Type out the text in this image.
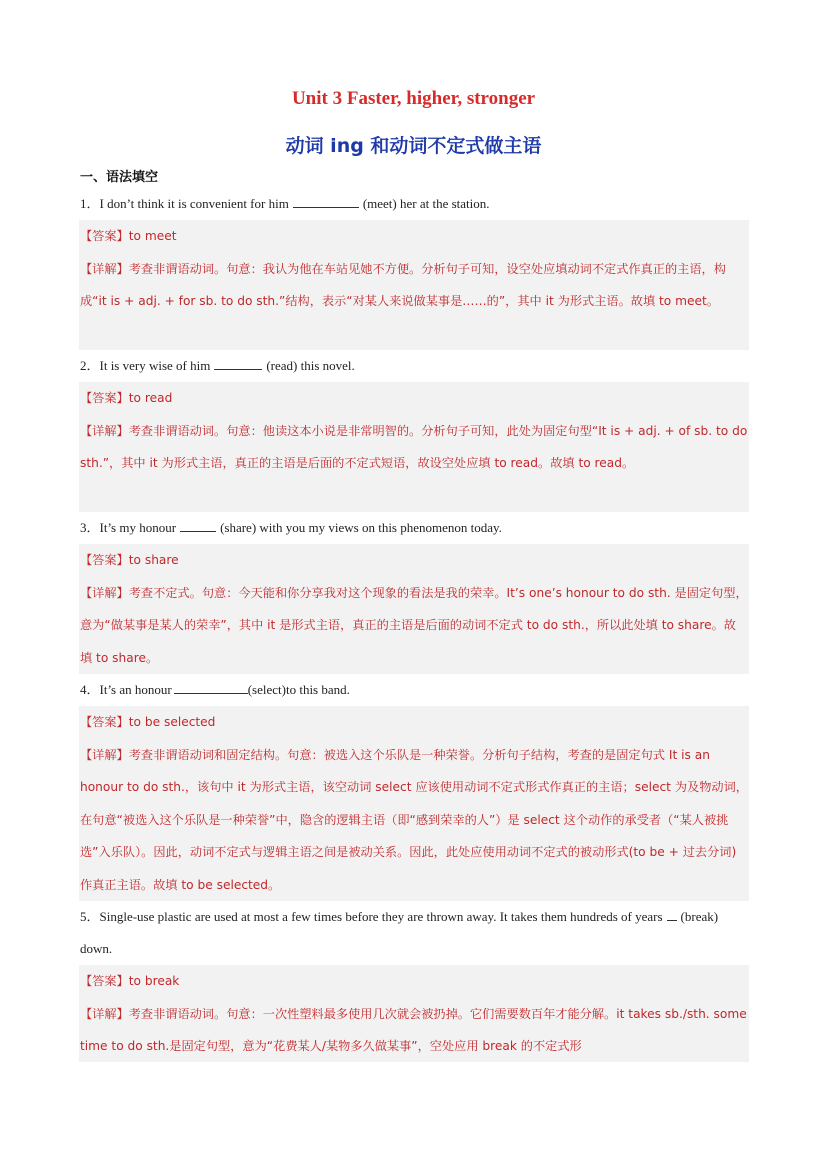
Unit 3 Faster, higher, stronger
动词 ing 和动词不定式做主语
一、语法填空
1．I don’t think it is convenient for him	(meet) her at the station.

【答案】to meet

【详解】考查非谓语动词。句意：我认为他在车站见她不方便。分析句子可知，设空处应填动词不定式作真正的主语，构成“it is + adj. + for sb. to do sth.”结构，表示“对某人来说做某事是……的”，其中 it 为形式主语。故填 to meet。

2．It is very wise of him	(read) this novel.

【答案】to read

【详解】考查非谓语动词。句意：他读这本小说是非常明智的。分析句子可知，此处为固定句型“It is + adj. + of sb. to do sth.”，其中 it 为形式主语，真正的主语是后面的不定式短语，故设空处应填 to read。故填 to read。

3．It’s my honour	(share) with you my views on this phenomenon today.

【答案】to share

【详解】考查不定式。句意：今天能和你分享我对这个现象的看法是我的荣幸。It’s one’s honour to do sth. 是固定句型，意为“做某事是某人的荣幸”，其中 it 是形式主语，真正的主语是后面的动词不定式 to do sth.，所以此处填 to share。故填 to share。

4．It’s an honour	(select)to this band.

【答案】to be selected

【详解】考查非谓语动词和固定结构。句意：被选入这个乐队是一种荣誉。分析句子结构，考查的是固定句式 It is an honour to do sth.，该句中 it 为形式主语，该空动词 select 应该使用动词不定式形式作真正的主语；select 为及物动词，在句意“被选入这个乐队是一种荣誉”中，隐含的逻辑主语（即“感到荣幸的人”）是 select 这个动作的承受者（“某人被挑选”入乐队）。因此，动词不定式与逻辑主语之间是被动关系。因此，此处应使用动词不定式的被动形式(to be + 过去分词)作真正主语。故填 to be selected。

5．Single-use plastic are used at most a few times before they are thrown away. It takes them hundreds of years (break) down.

【答案】to break

【详解】考查非谓语动词。句意：一次性塑料最多使用几次就会被扔掉。它们需要数百年才能分解。it takes sb./sth. some time to do sth.是固定句型，意为“花费某人/某物多久做某事”，空处应用 break 的不定式形
